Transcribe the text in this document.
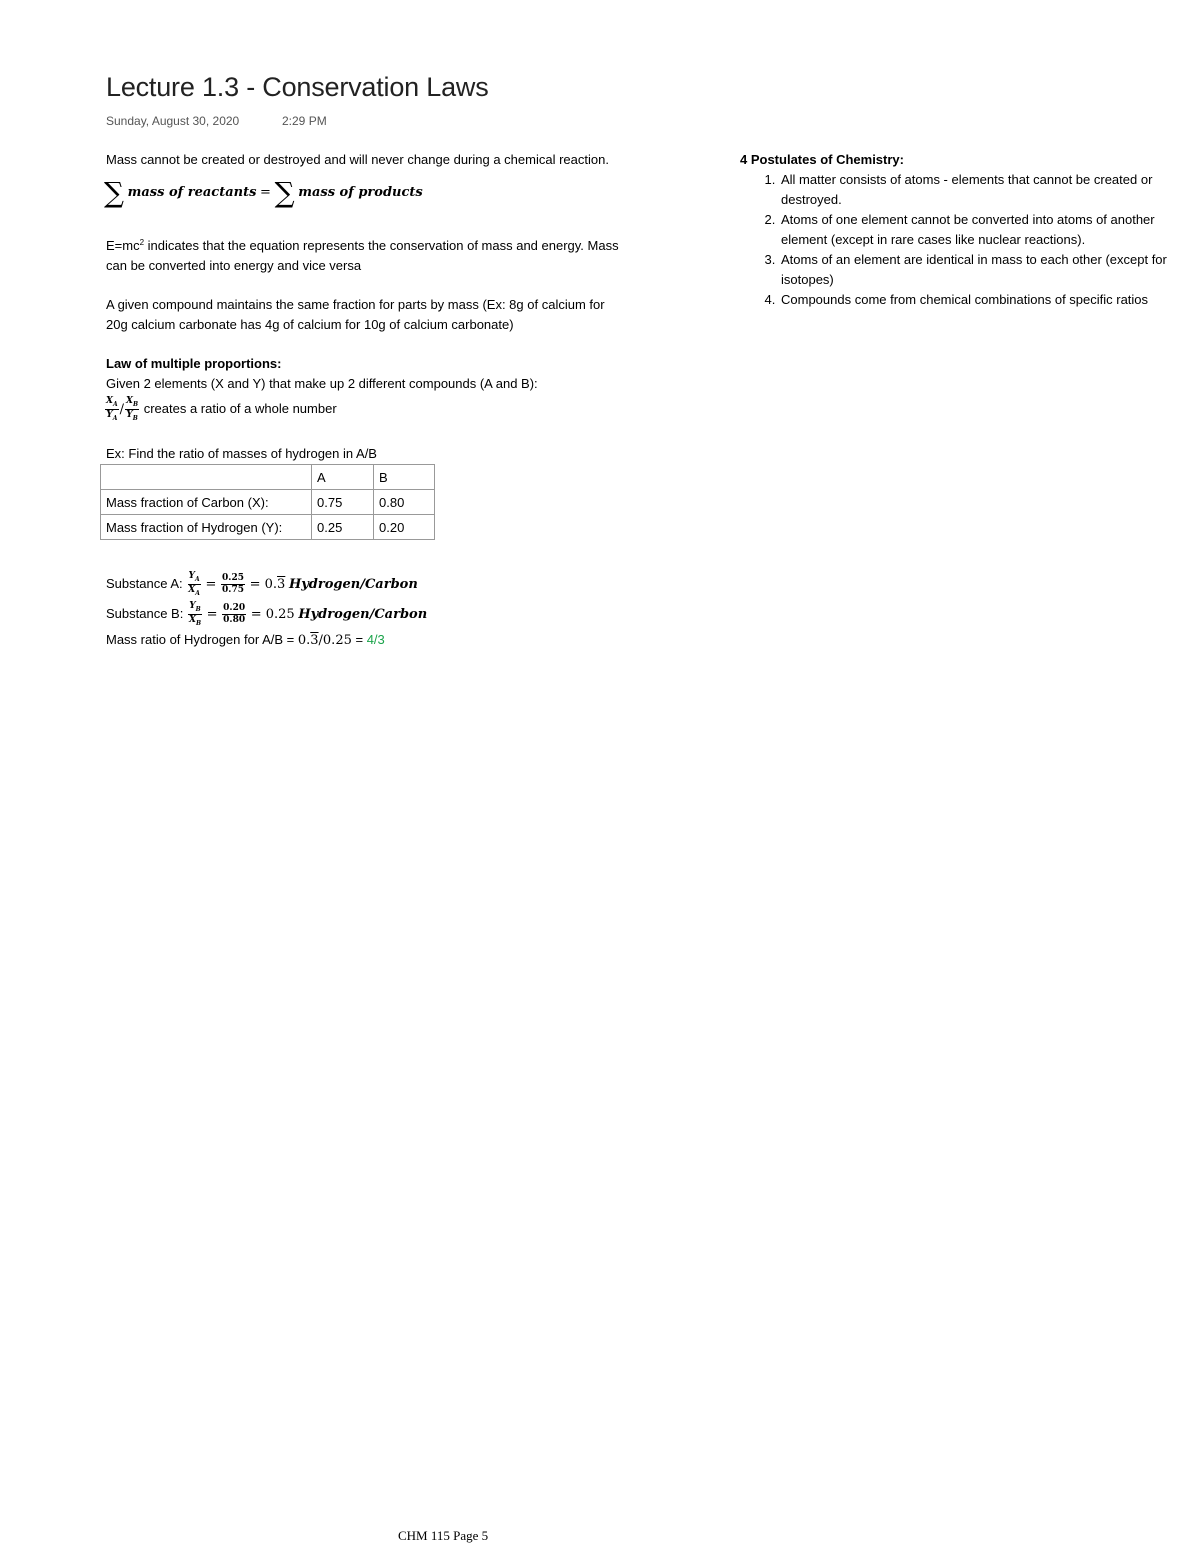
Lecture 1.3 - Conservation Laws
Sunday, August 30, 2020	2:29 PM
Mass cannot be created or destroyed and will never change during a chemical reaction.
∑ mass of reactants = ∑ mass of products
$E=mc^2$ indicates that the equation represents the conservation of mass and energy. Mass
can be converted into energy and vice versa
A given compound maintains the same fraction for parts by mass (Ex: 8g of calcium for
20g calcium carbonate has 4g of calcium for 10g of calcium carbonate)
Law of multiple proportions:
Given 2 elements (X and Y) that make up 2 different compounds (A and B):
$\frac{X_A}{Y_A} / \frac{X_B}{Y_B}$ creates a ratio of a whole number
Ex: Find the ratio of masses of hydrogen in A/B
	A	B
Mass fraction of Carbon (X):	0.75	0.80
Mass fraction of Hydrogen (Y):	0.25	0.20
Substance A: $\frac{Y_A}{X_A} = \frac{0.25}{0.75} = 0.3$ Hydrogen/Carbon
Substance B: $\frac{Y_B}{X_B} = \frac{0.20}{0.80} = 0.25$ Hydrogen/Carbon
Mass ratio of Hydrogen for A/B = 0.3/0.25 = 4/3
4 Postulates of Chemistry:
1. All matter consists of atoms - elements that cannot be created or destroyed.
2. Atoms of one element cannot be converted into atoms of another element (except in rare cases like nuclear reactions).
3. Atoms of an element are identical in mass to each other (except for isotopes)
4. Compounds come from chemical combinations of specific ratios
CHM 115 Page 5
